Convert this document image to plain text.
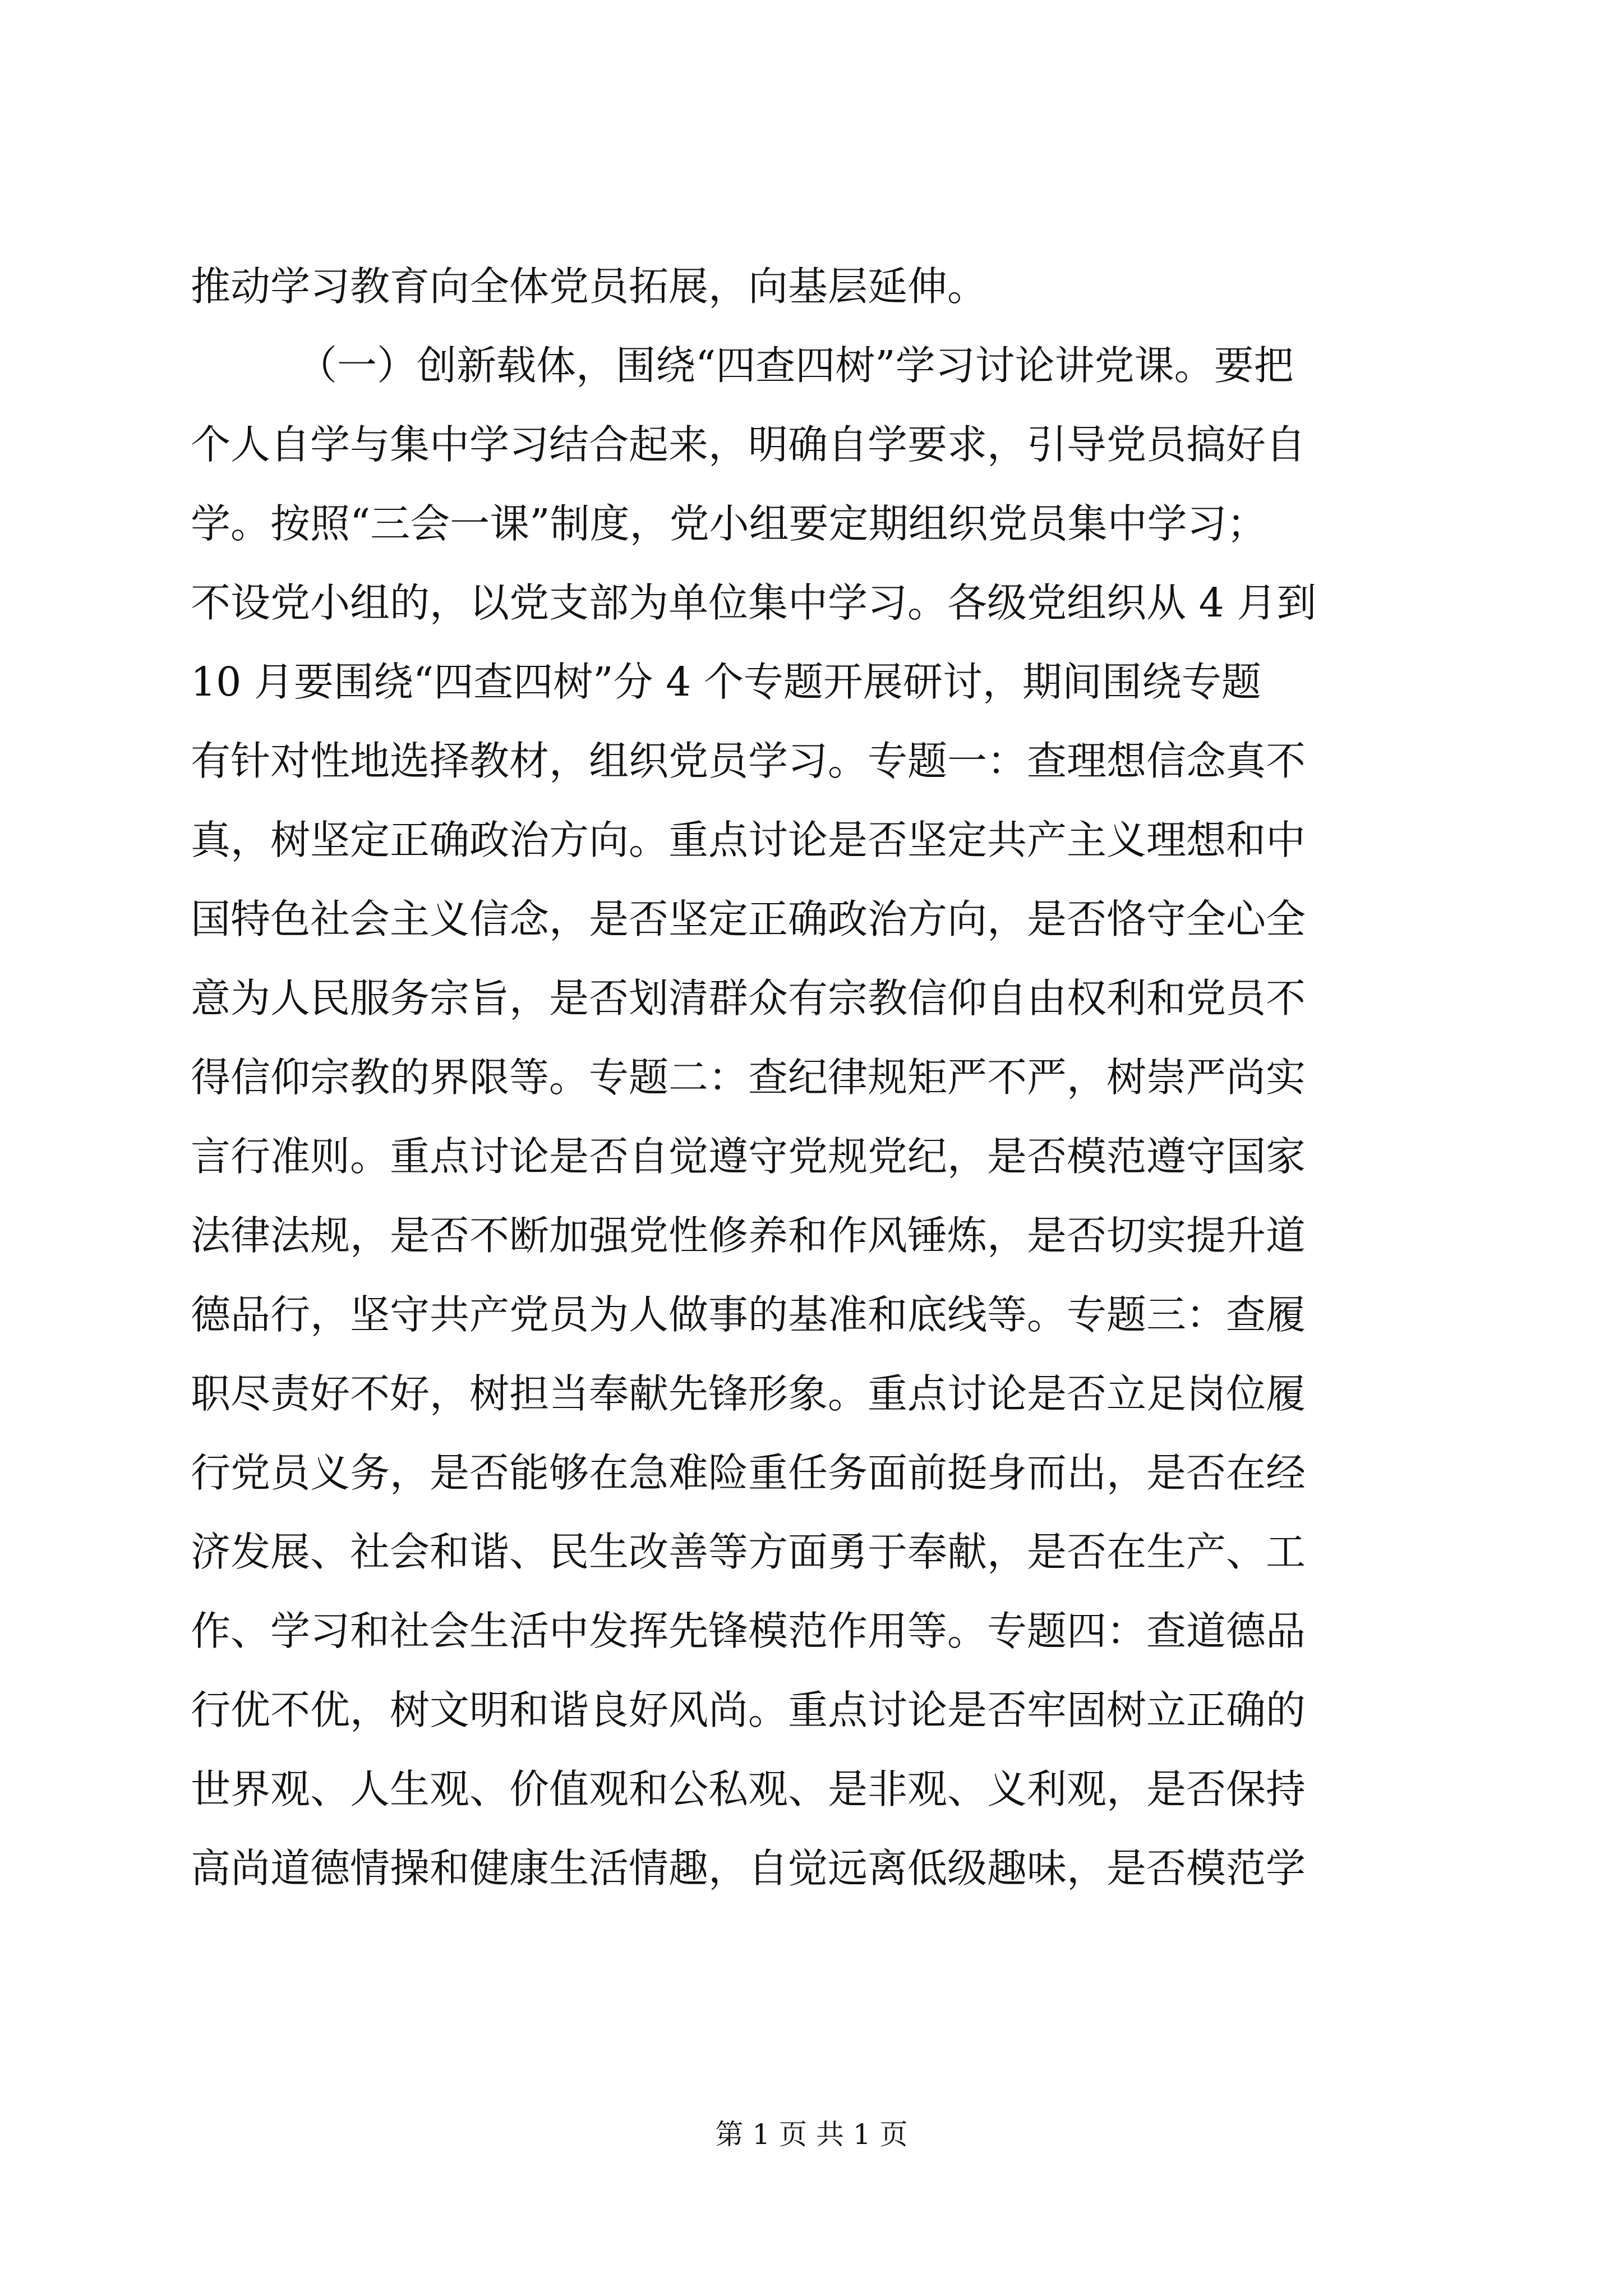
推动学习教育向全体党员拓展，向基层延伸。
（一）创新载体，围绕“四查四树”学习讨论讲党课。要把
个人自学与集中学习结合起来，明确自学要求，引导党员搞好自
学。按照“三会一课”制度，党小组要定期组织党员集中学习；
不设党小组的，以党支部为单位集中学习。各级党组织从 4 月到
10 月要围绕“四查四树”分 4 个专题开展研讨，期间围绕专题
有针对性地选择教材，组织党员学习。专题一：查理想信念真不
真，树坚定正确政治方向。重点讨论是否坚定共产主义理想和中
国特色社会主义信念，是否坚定正确政治方向，是否恪守全心全
意为人民服务宗旨，是否划清群众有宗教信仰自由权利和党员不
得信仰宗教的界限等。专题二：查纪律规矩严不严，树崇严尚实
言行准则。重点讨论是否自觉遵守党规党纪，是否模范遵守国家
法律法规，是否不断加强党性修养和作风锤炼，是否切实提升道
德品行，坚守共产党员为人做事的基准和底线等。专题三：查履
职尽责好不好，树担当奉献先锋形象。重点讨论是否立足岗位履
行党员义务，是否能够在急难险重任务面前挺身而出，是否在经
济发展、社会和谐、民生改善等方面勇于奉献，是否在生产、工
作、学习和社会生活中发挥先锋模范作用等。专题四：查道德品
行优不优，树文明和谐良好风尚。重点讨论是否牢固树立正确的
世界观、人生观、价值观和公私观、是非观、义利观，是否保持
高尚道德情操和健康生活情趣，自觉远离低级趣味，是否模范学
第 1 页 共 1 页
